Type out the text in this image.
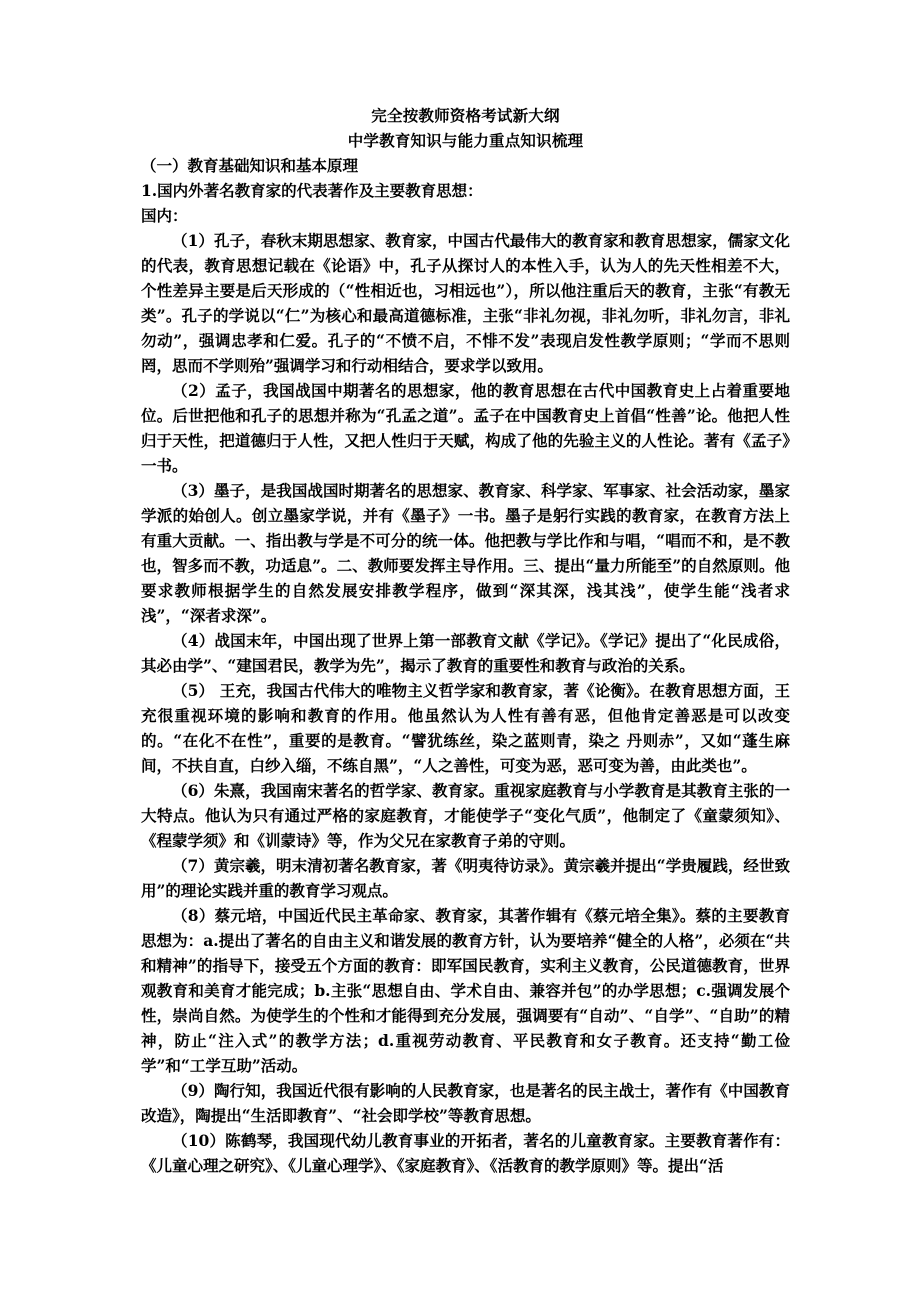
完全按教师资格考试新大纲

中学教育知识与能力重点知识梳理

（一）教育基础知识和基本原理

1.国内外著名教育家的代表著作及主要教育思想：

国内：

（1）孔子，春秋末期思想家、教育家，中国古代最伟大的教育家和教育思想家，儒家文化的代表，教育思想记载在《论语》中，孔子从探讨人的本性入手，认为人的先天性相差不大，个性差异主要是后天形成的（“性相近也，习相远也”），所以他注重后天的教育，主张“有教无类”。孔子的学说以“仁”为核心和最高道德标准，主张“非礼勿视，非礼勿听，非礼勿言，非礼勿动”，强调忠孝和仁爱。孔子的“不愤不启，不悱不发”表现启发性教学原则；“学而不思则罔，思而不学则殆”强调学习和行动相结合，要求学以致用。

（2）孟子，我国战国中期著名的思想家，他的教育思想在古代中国教育史上占着重要地位。后世把他和孔子的思想并称为“孔孟之道”。孟子在中国教育史上首倡“性善”论。他把人性归于天性，把道德归于人性，又把人性归于天赋，构成了他的先验主义的人性论。著有《孟子》一书。

（3）墨子，是我国战国时期著名的思想家、教育家、科学家、军事家、社会活动家，墨家学派的始创人。创立墨家学说，并有《墨子》一书。墨子是躬行实践的教育家，在教育方法上有重大贡献。一、指出教与学是不可分的统一体。他把教与学比作和与唱，“唱而不和，是不教也，智多而不教，功适息”。二、教师要发挥主导作用。三、提出“量力所能至”的自然原则。他要求教师根据学生的自然发展安排教学程序，做到“深其深，浅其浅”，使学生能“浅者求浅”，“深者求深”。

（4）战国末年，中国出现了世界上第一部教育文献《学记》。《学记》提出了“化民成俗，其必由学”、“建国君民，教学为先”，揭示了教育的重要性和教育与政治的关系。

（5） 王充，我国古代伟大的唯物主义哲学家和教育家，著《论衡》。在教育思想方面，王充很重视环境的影响和教育的作用。他虽然认为人性有善有恶，但他肯定善恶是可以改变的。“在化不在性”，重要的是教育。“譬犹练丝，染之蓝则青，染之 丹则赤”，又如“蓬生麻间，不扶自直，白纱入缁，不练自黑”，“人之善性，可变为恶，恶可变为善，由此类也”。

（6）朱熹，我国南宋著名的哲学家、教育家。重视家庭教育与小学教育是其教育主张的一大特点。他认为只有通过严格的家庭教育，才能使学子“变化气质”，他制定了《童蒙须知》、《程蒙学须》和《训蒙诗》等，作为父兄在家教育子弟的守则。

（7）黄宗羲，明末清初著名教育家，著《明夷待访录》。黄宗羲并提出“学贵履践，经世致用”的理论实践并重的教育学习观点。

（8）蔡元培，中国近代民主革命家、教育家，其著作辑有《蔡元培全集》。蔡的主要教育思想为：a.提出了著名的自由主义和谐发展的教育方针，认为要培养“健全的人格”，必须在“共和精神”的指导下，接受五个方面的教育：即军国民教育，实利主义教育，公民道德教育，世界观教育和美育才能完成；b.主张“思想自由、学术自由、兼容并包”的办学思想；c.强调发展个性，崇尚自然。为使学生的个性和才能得到充分发展，强调要有“自动”、“自学”、“自助”的精神，防止“注入式”的教学方法；d.重视劳动教育、平民教育和女子教育。还支持“勤工俭学”和“工学互助”活动。

（9）陶行知，我国近代很有影响的人民教育家，也是著名的民主战士，著作有《中国教育改造》，陶提出“生活即教育”、“社会即学校”等教育思想。

（10）陈鹤琴，我国现代幼儿教育事业的开拓者，著名的儿童教育家。主要教育著作有：《儿童心理之研究》、《儿童心理学》、《家庭教育》、《活教育的教学原则》等。提出“活
